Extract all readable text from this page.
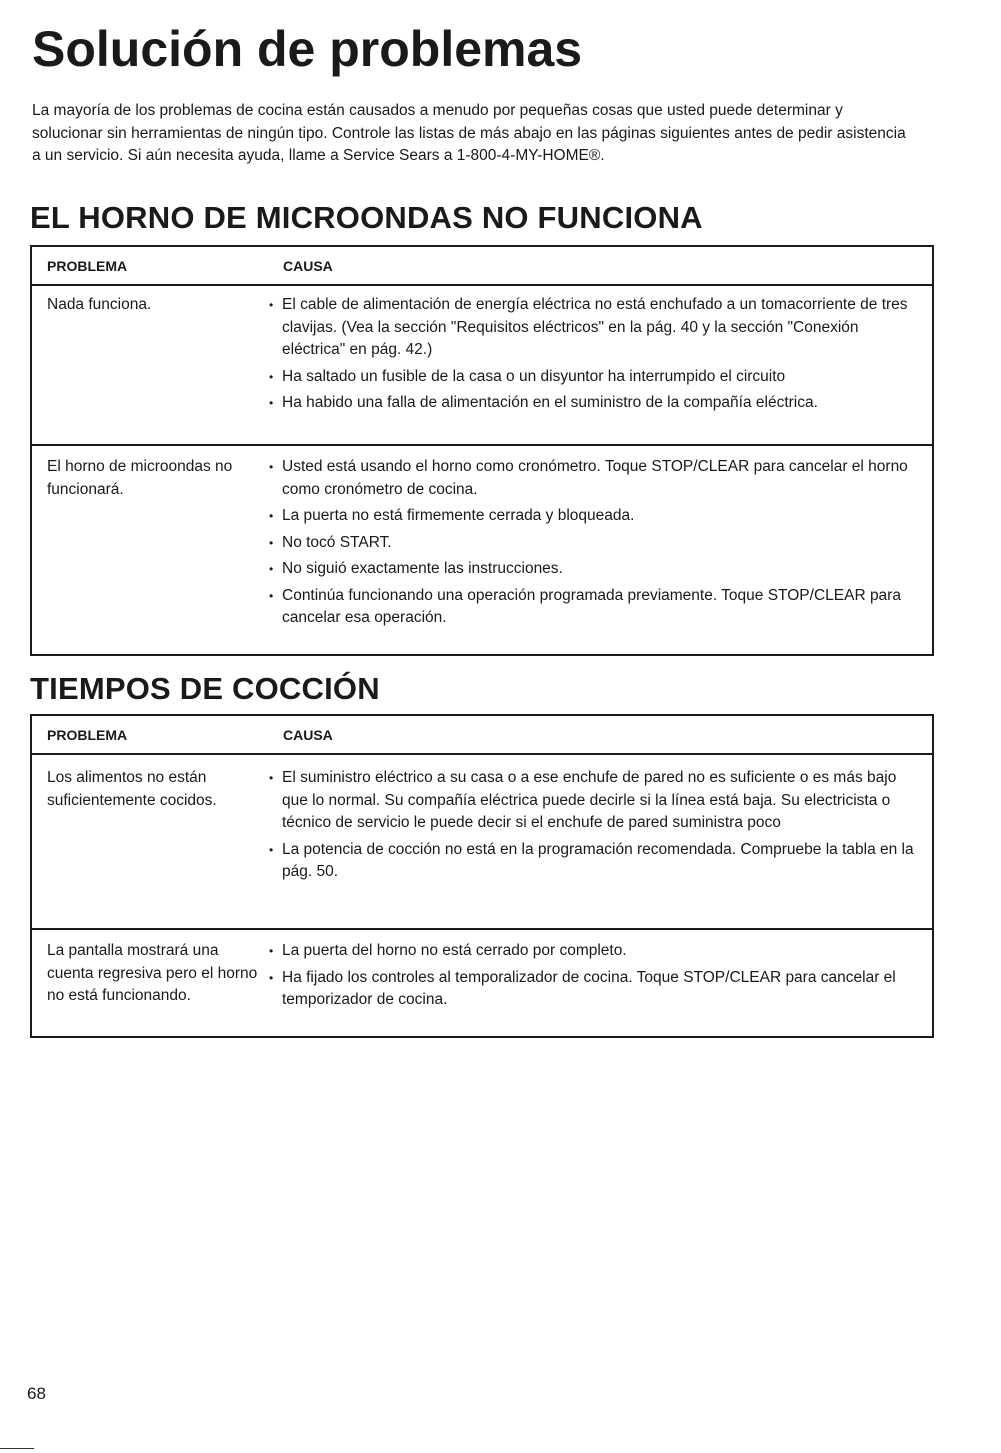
Solución de problemas

La mayoría de los problemas de cocina están causados a menudo por pequeñas cosas que usted puede determinar y solucionar sin herramientas de ningún tipo. Controle las listas de más abajo en las páginas siguientes antes de pedir asistencia a un servicio. Si aún necesita ayuda, llame a Service Sears a 1-800-4-MY-HOME®.

EL HORNO DE MICROONDAS NO FUNCIONA
PROBLEMA	CAUSA
Nada funciona.
•	El cable de alimentación de energía eléctrica no está enchufado a un tomacorriente de tres clavijas. (Vea la sección "Requisitos eléctricos" en la pág. 40 y la sección "Conexión eléctrica" en pág. 42.)
• Ha saltado un fusible de la casa o un disyuntor ha interrumpido el circuito
• Ha habido una falla de alimentación en el suministro de la compañía eléctrica.
El horno de microondas no funcionará.
• Usted está usando el horno como cronómetro. Toque STOP/CLEAR para cancelar el horno como cronómetro de cocina.
• La puerta no está firmemente cerrada y bloqueada.
• No tocó START.
• No siguió exactamente las instrucciones.
• Continúa funcionando una operación programada previamente. Toque STOP/CLEAR para cancelar esa operación.
TIEMPOS DE COCCIÓN
PROBLEMA	CAUSA
Los alimentos no están suficientemente cocidos.
• El suministro eléctrico a su casa o a ese enchufe de pared no es suficiente o es más bajo que lo normal. Su compañía eléctrica puede decirle si la línea está baja. Su electricista o técnico de servicio le puede decir si el enchufe de pared suministra poco
• La potencia de cocción no está en la programación recomendada. Compruebe la tabla en la pág. 50.
La pantalla mostrará una cuenta regresiva pero el horno no está funcionando.
• La puerta del horno no está cerrado por completo.
• Ha fijado los controles al temporalizador de cocina. Toque STOP/CLEAR para cancelar el temporizador de cocina.

68
